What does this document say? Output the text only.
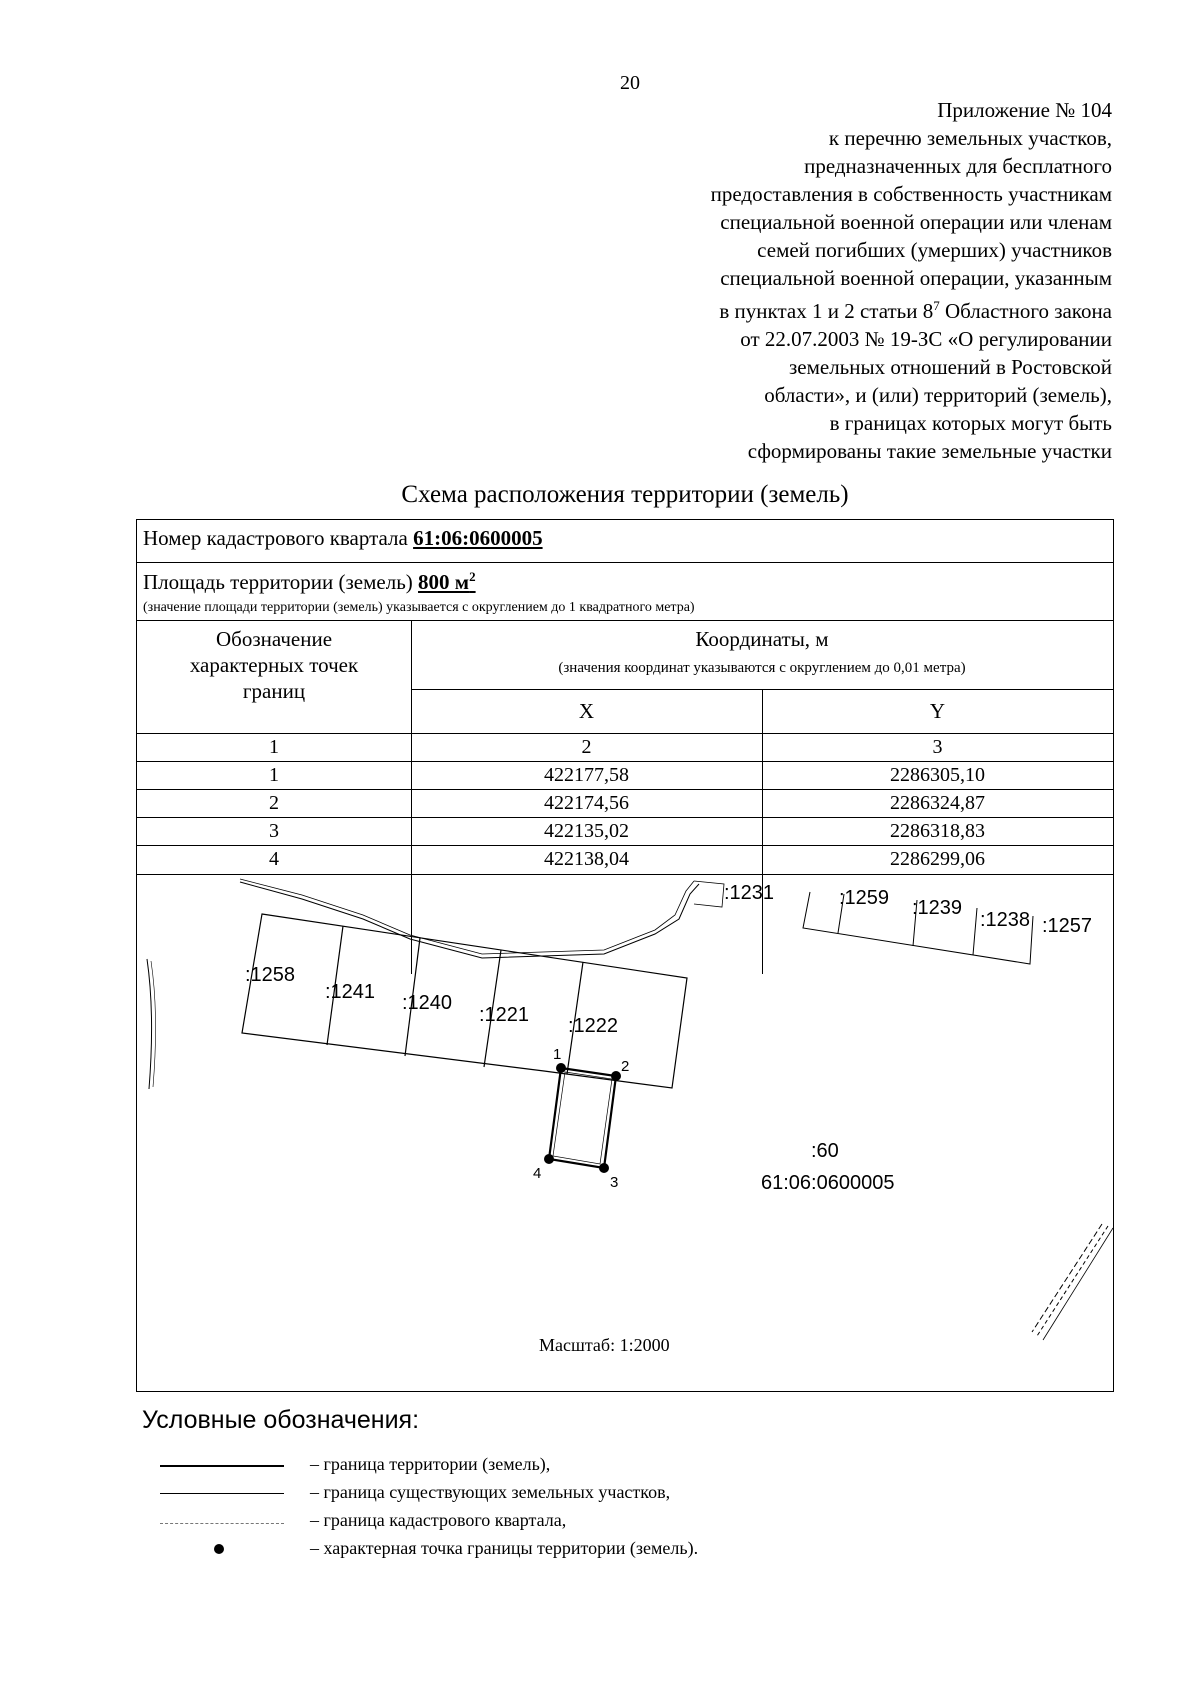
20
Приложение № 104
к перечню земельных участков,
предназначенных для бесплатного
предоставления в собственность участникам
специальной военной операции или членам
семей погибших (умерших) участников
специальной военной операции, указанным
в пунктах 1 и 2 статьи $8^7$ Областного закона
от 22.07.2003 № 19-ЗС «О регулировании
земельных отношений в Ростовской
области», и (или) территорий (земель),
в границах которых могут быть
сформированы такие земельные участки
Схема расположения территории (земель)
Номер кадастрового квартала 61:06:0600005
Площадь территории (земель) 800 $м^2$
(значение площади территории (земель) указывается с округлением до 1 квадратного метра)
Обозначение характерных точек границ
Координаты, м
(значения координат указываются с округлением до 0,01 метра)
X	Y
1	2	3
1	422177,58	2286305,10
2	422174,56	2286324,87
3	422135,02	2286318,83
4	422138,04	2286299,06
:1231
:1258
:1241 :1240
:1221 :1222
:1259 :1239
:1238 :1257
1
2
3
4
:60
61:06:0600005
Масштаб: 1:2000
Условные обозначения:
– граница территории (земель),
– граница существующих земельных участков,
– граница кадастрового квартала,
– характерная точка границы территории (земель).
